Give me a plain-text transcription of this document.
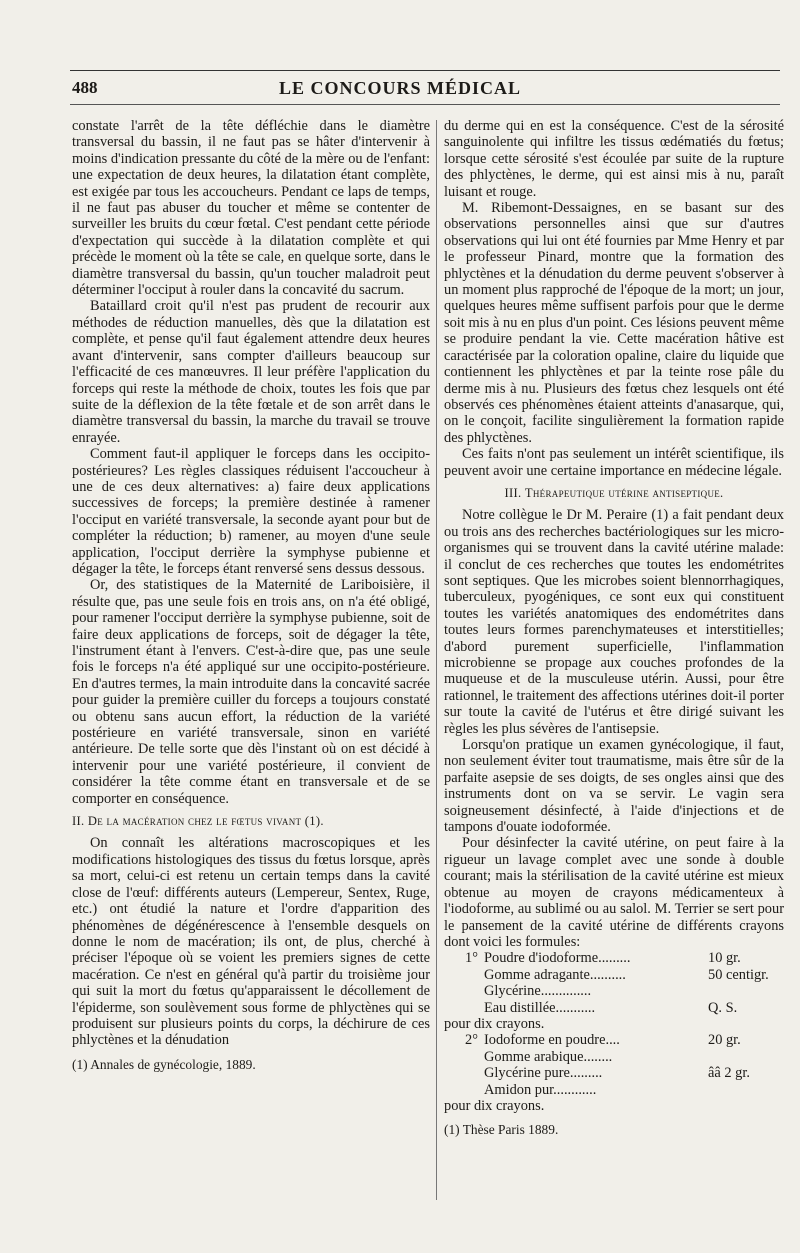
488	LE CONCOURS MÉDICAL

constate l'arrêt de la tête défléchie dans le diamètre transversal du bassin, il ne faut pas se hâter d'intervenir à moins d'indication pressante du côté de la mère ou de l'enfant: une expectation de deux heures, la dilatation étant complète, est exigée par tous les accoucheurs. Pendant ce laps de temps, il ne faut pas abuser du toucher et même se contenter de surveiller les bruits du cœur fœtal. C'est pendant cette période d'expectation qui succède à la dilatation complète et qui précède le moment où la tête se cale, en quelque sorte, dans le diamètre transversal du bassin, qu'un toucher maladroit peut déterminer l'occiput à rouler dans la concavité du sacrum.

Bataillard croit qu'il n'est pas prudent de recourir aux méthodes de réduction manuelles, dès que la dilatation est complète, et pense qu'il faut également attendre deux heures avant d'intervenir, sans compter d'ailleurs beaucoup sur l'efficacité de ces manœuvres. Il leur préfère l'application du forceps qui reste la méthode de choix, toutes les fois que par suite de la déflexion de la tête fœtale et de son arrêt dans le diamètre transversal du bassin, la marche du travail se trouve enrayée.

Comment faut-il appliquer le forceps dans les occipito-postérieures? Les règles classiques réduisent l'accoucheur à une de ces deux alternatives: a) faire deux applications successives de forceps; la première destinée à ramener l'occiput en variété transversale, la seconde ayant pour but de compléter la réduction; b) ramener, au moyen d'une seule application, l'occiput derrière la symphyse pubienne et dégager la tête, le forceps étant renversé sens dessus dessous.

Or, des statistiques de la Maternité de Lariboisière, il résulte que, pas une seule fois en trois ans, on n'a été obligé, pour ramener l'occiput derrière la symphyse pubienne, soit de faire deux applications de forceps, soit de dégager la tête, l'instrument étant à l'envers. C'est-à-dire que, pas une seule fois le forceps n'a été appliqué sur une occipito-postérieure. En d'autres termes, la main introduite dans la concavité sacrée pour guider la première cuiller du forceps a toujours constaté ou obtenu sans aucun effort, la réduction de la variété postérieure en variété transversale, sinon en variété antérieure. De telle sorte que dès l'instant où on est décidé à intervenir pour une variété postérieure, il convient de considérer la tête comme étant en transversale et de se comporter en conséquence.

II. De la macération chez le fœtus vivant (1).

On connaît les altérations macroscopiques et les modifications histologiques des tissus du fœtus lorsque, après sa mort, celui-ci est retenu un certain temps dans la cavité close de l'œuf: différents auteurs (Lempereur, Sentex, Ruge, etc.) ont étudié la nature et l'ordre d'apparition des phénomènes de dégénérescence à l'ensemble desquels on donne le nom de macération; ils ont, de plus, cherché à préciser l'époque où se voient les premiers signes de cette macération. Ce n'est en général qu'à partir du troisième jour qui suit la mort du fœtus qu'apparaissent le décollement de l'épiderme, son soulèvement sous forme de phlyctènes qui se produisent sur plusieurs points du corps, la déchirure de ces phlyctènes et la dénudation

(1) Annales de gynécologie, 1889.

du derme qui en est la conséquence. C'est de la sérosité sanguinolente qui infiltre les tissus œdématiés du fœtus; lorsque cette sérosité s'est écoulée par suite de la rupture des phlyctènes, le derme, qui est ainsi mis à nu, paraît luisant et rouge.

M. Ribemont-Dessaignes, en se basant sur des observations personnelles ainsi que sur d'autres observations qui lui ont été fournies par Mme Henry et par le professeur Pinard, montre que la formation des phlyctènes et la dénudation du derme peuvent s'observer à un moment plus rapproché de l'époque de la mort; un jour, quelques heures même suffisent parfois pour que le derme soit mis à nu en plus d'un point. Ces lésions peuvent même se produire pendant la vie. Cette macération hâtive est caractérisée par la coloration opaline, claire du liquide que contiennent les phlyctènes et par la teinte rose pâle du derme mis à nu. Plusieurs des fœtus chez lesquels ont été observés ces phénomènes étaient atteints d'anasarque, qui, on le conçoit, facilite singulièrement la formation rapide des phlyctènes.

Ces faits n'ont pas seulement un intérêt scientifique, ils peuvent avoir une certaine importance en médecine légale.

III. Thérapeutique utérine antiseptique.

Notre collègue le Dr M. Peraire (1) a fait pendant deux ou trois ans des recherches bactériologiques sur les micro-organismes qui se trouvent dans la cavité utérine malade: il conclut de ces recherches que toutes les endométrites sont septiques. Que les microbes soient blennorrhagiques, tuberculeux, pyogéniques, ce sont eux qui constituent toutes les variétés anatomiques des endométrites dans toutes leurs formes parenchymateuses et interstitielles; d'abord purement superficielle, l'inflammation microbienne se propage aux couches profondes de la muqueuse et de la musculeuse utérin. Aussi, pour être rationnel, le traitement des affections utérines doit-il porter sur toute la cavité de l'utérus et être dirigé suivant les règles les plus sévères de l'antisepsie.

Lorsqu'on pratique un examen gynécologique, il faut, non seulement éviter tout traumatisme, mais être sûr de la parfaite asepsie de ses doigts, de ses ongles ainsi que des instruments dont on va se servir. Le vagin sera soigneusement désinfecté, à l'aide d'injections et de tampons d'ouate iodoformée.

Pour désinfecter la cavité utérine, on peut faire à la rigueur un lavage complet avec une sonde à double courant; mais la stérilisation de la cavité utérine est mieux obtenue au moyen de crayons médicamenteux à l'iodoforme, au sublimé ou au salol. M. Terrier se sert pour le pansement de la cavité utérine de différents crayons dont voici les formules:

1° Poudre d'iodoforme.........	10 gr.
Gomme adragante..........	50 centigr.
Glycérine..............
Eau distillée...........	Q. S.
pour dix crayons.
2° Iodoforme en poudre....	20 gr.
Gomme arabique........
Glycérine pure.........	ââ 2 gr.
Amidon pur............
pour dix crayons.
(1) Thèse Paris 1889.
